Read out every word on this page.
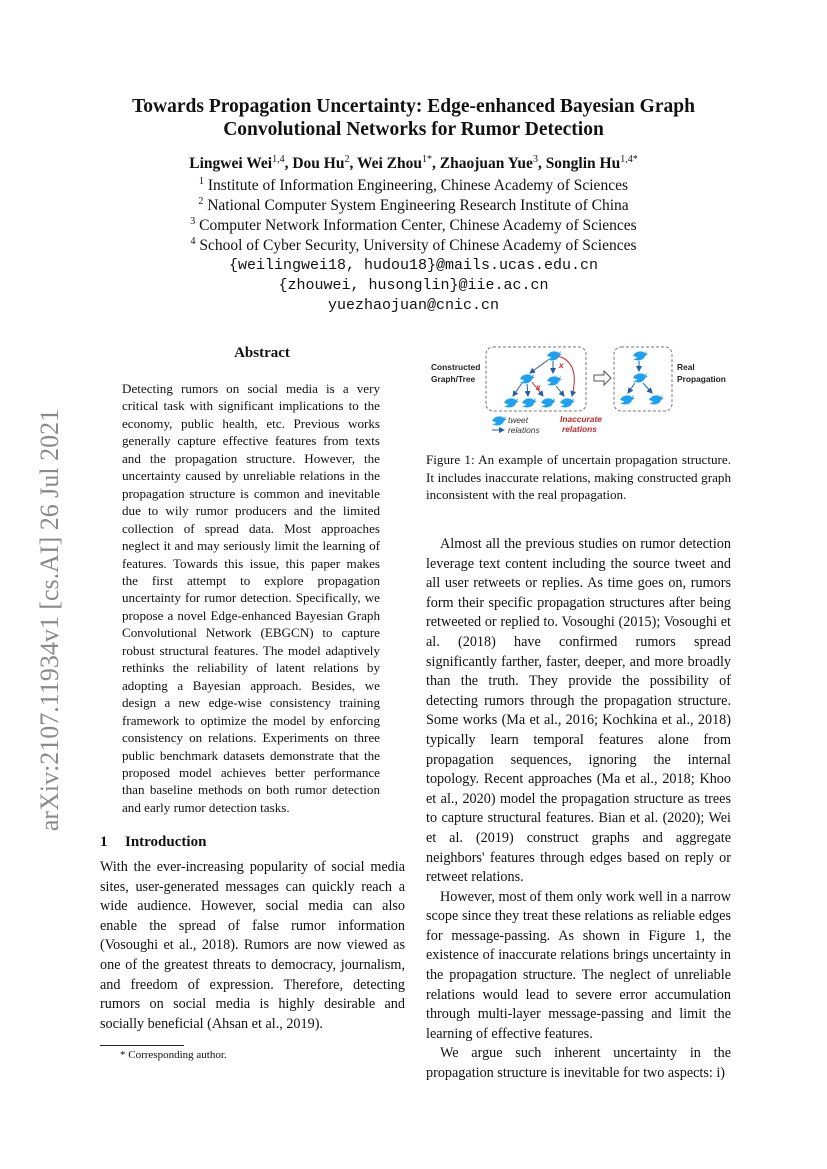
Towards Propagation Uncertainty: Edge-enhanced Bayesian Graph
Convolutional Networks for Rumor Detection
Lingwei Wei$^{1,4}$, Dou Hu$^2$, Wei Zhou$^{1*}$, Zhaojuan Yue$^3$, Songlin $Hu^{1,4*}$
$^1$ Institute of Information Engineering, Chinese Academy of Sciences
$^2$ National Computer System Engineering Research Institute of China
$^3$ Computer Network Information Center, Chinese Academy of Sciences
$^4$ School of Cyber Security, University of Chinese Academy of Sciences
{weilingwei18, hudou18}@mails.ucas.edu.cn
{zhouwei, husonglin}@iie.ac.cn
yuezhaojuan@cnic.cn
arXiv:2107.11934v1 [cs.AI] 26 Jul 2021
Abstract
Detecting rumors on social media is a very critical task with significant implications to the economy, public health, etc. Previous works generally capture effective features from texts and the propagation structure. However, the uncertainty caused by unreliable relations in the propagation structure is common and inevitable due to wily rumor producers and the limited collection of spread data. Most approaches neglect it and may seriously limit the learning of features. Towards this issue, this paper makes the first attempt to explore propagation uncertainty for rumor detection. Specifically, we propose a novel Edge-enhanced Bayesian Graph Convolutional Network (EBGCN) to capture robust structural features. The model adaptively rethinks the reliability of latent relations by adopting a Bayesian approach. Besides, we design a new edge-wise consistency training framework to optimize the model by enforcing consistency on relations. Experiments on three public benchmark datasets demonstrate that the proposed model achieves better performance than baseline methods on both rumor detection and early rumor detection tasks.
Constructed
Graph/Tree
x
x
Real
Propagation
tweet
relations
Inaccurate
relations
Figure 1: An example of uncertain propagation structure. It includes inaccurate relations, making constructed graph inconsistent with the real propagation.
1 Introduction

With the ever-increasing popularity of social media sites, user-generated messages can quickly reach a wide audience. However, social media can also enable the spread of false rumor information (Vosoughi et al., 2018). Rumors are now viewed as one of the greatest threats to democracy, journalism, and freedom of expression. Therefore, detecting rumors on social media is highly desirable and socially beneficial (Ahsan et al., 2019).

* Corresponding author.

Almost all the previous studies on rumor detection leverage text content including the source tweet and all user retweets or replies. As time goes on, rumors form their specific propagation structures after being retweeted or replied to. Vosoughi (2015); Vosoughi et al. (2018) have confirmed rumors spread significantly farther, faster, deeper, and more broadly than the truth. They provide the possibility of detecting rumors through the propagation structure. Some works (Ma et al., 2016; Kochkina et al., 2018) typically learn temporal features alone from propagation sequences, ignoring the internal topology. Recent approaches (Ma et al., 2018; Khoo et al., 2020) model the propagation structure as trees to capture structural features. Bian et al. (2020); Wei et al. (2019) construct graphs and aggregate neighbors' features through edges based on reply or retweet relations.

However, most of them only work well in a narrow scope since they treat these relations as reliable edges for message-passing. As shown in Figure 1, the existence of inaccurate relations brings uncertainty in the propagation structure. The neglect of unreliable relations would lead to severe error accumulation through multi-layer message-passing and limit the learning of effective features.

We argue such inherent uncertainty in the propagation structure is inevitable for two aspects: i)
